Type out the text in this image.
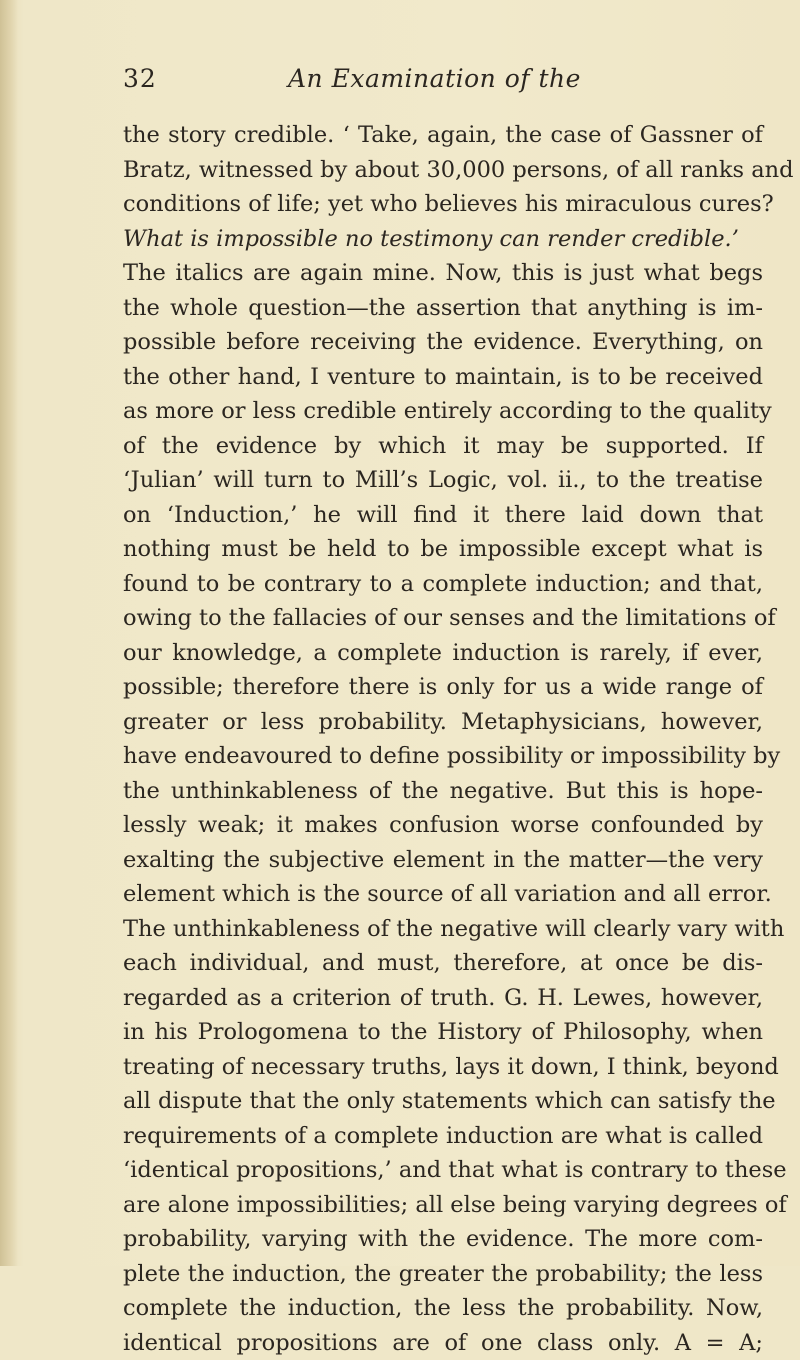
32	An Examination of the
the story credible. ‘ Take, again, the case of Gassner of
Bratz, witnessed by about 30,000 persons, of all ranks and
conditions of life; yet who believes his miraculous cures?
What is impossible no testimony can render credible.’
The italics are again mine. Now, this is just what begs
the whole question—the assertion that anything is im-
possible before receiving the evidence. Everything, on
the other hand, I venture to maintain, is to be received
as more or less credible entirely according to the quality
of the evidence by which it may be supported. If
‘Julian’ will turn to Mill’s Logic, vol. ii., to the treatise
on ‘Induction,’ he will find it there laid down that
nothing must be held to be impossible except what is
found to be contrary to a complete induction; and that,
owing to the fallacies of our senses and the limitations of
our knowledge, a complete induction is rarely, if ever,
possible; therefore there is only for us a wide range of
greater or less probability. Metaphysicians, however,
have endeavoured to define possibility or impossibility by
the unthinkableness of the negative. But this is hope-
lessly weak; it makes confusion worse confounded by
exalting the subjective element in the matter—the very
element which is the source of all variation and all error.
The unthinkableness of the negative will clearly vary with
each individual, and must, therefore, at once be dis-
regarded as a criterion of truth. G. H. Lewes, however,
in his Prologomena to the History of Philosophy, when
treating of necessary truths, lays it down, I think, beyond
all dispute that the only statements which can satisfy the
requirements of a complete induction are what is called
‘identical propositions,’ and that what is contrary to these
are alone impossibilities; all else being varying degrees of
probability, varying with the evidence. The more com-
plete the induction, the greater the probability; the less
complete the induction, the less the probability. Now,
identical propositions are of one class only. A = A;
